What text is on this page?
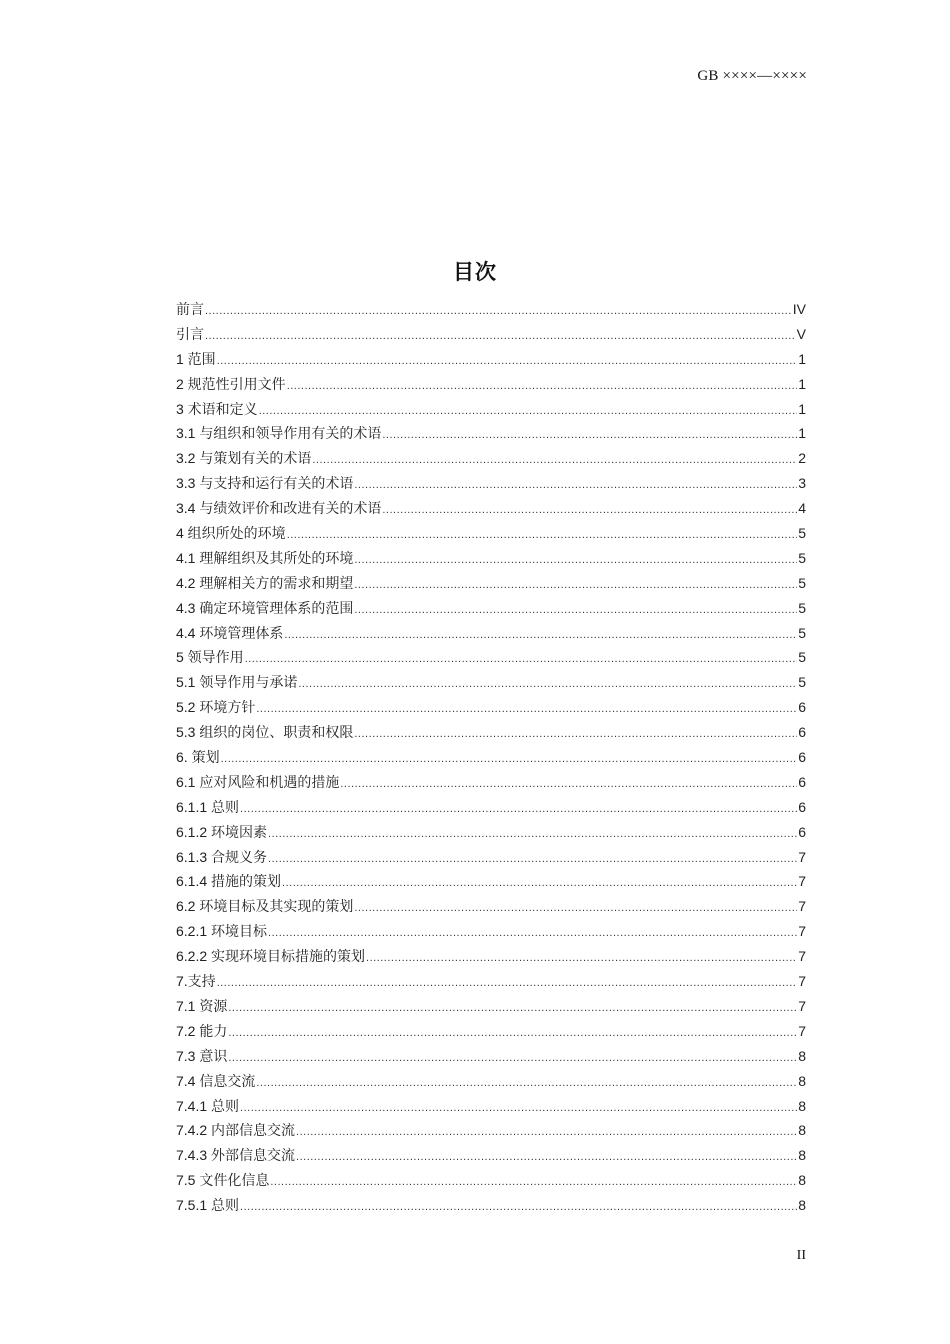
GB ××××—××××
目次
前言 .....	IV
引言 .....	V
1 范围 .....	1
2 规范性引用文件 .....	1
3 术语和定义 .....	1
3.1 与组织和领导作用有关的术语 .....	1
3.2 与策划有关的术语 .....	2
3.3 与支持和运行有关的术语 .....	3
3.4 与绩效评价和改进有关的术语 .....	4
4 组织所处的环境 .....	5
4.1 理解组织及其所处的环境 .....	5
4.2 理解相关方的需求和期望 .....	5
4.3 确定环境管理体系的范围 .....	5
4.4 环境管理体系 .....	5
5 领导作用 .....	5
5.1 领导作用与承诺 .....	5
5.2 环境方针 .....	6
5.3 组织的岗位、职责和权限 .....	6
6. 策划 .....	6
6.1 应对风险和机遇的措施 .....	6
6.1.1 总则 .....	6
6.1.2 环境因素 .....	6
6.1.3 合规义务 .....	7
6.1.4 措施的策划 .....	7
6.2 环境目标及其实现的策划 .....	7
6.2.1 环境目标 .....	7
6.2.2 实现环境目标措施的策划 .....	7
7.支持 .....	7
7.1 资源 .....	7
7.2 能力 .....	7
7.3 意识 .....	8
7.4 信息交流 .....	8
7.4.1 总则 .....	8
7.4.2 内部信息交流 .....	8
7.4.3 外部信息交流 .....	8
7.5 文件化信息 .....	8
7.5.1 总则 .....	8
II
